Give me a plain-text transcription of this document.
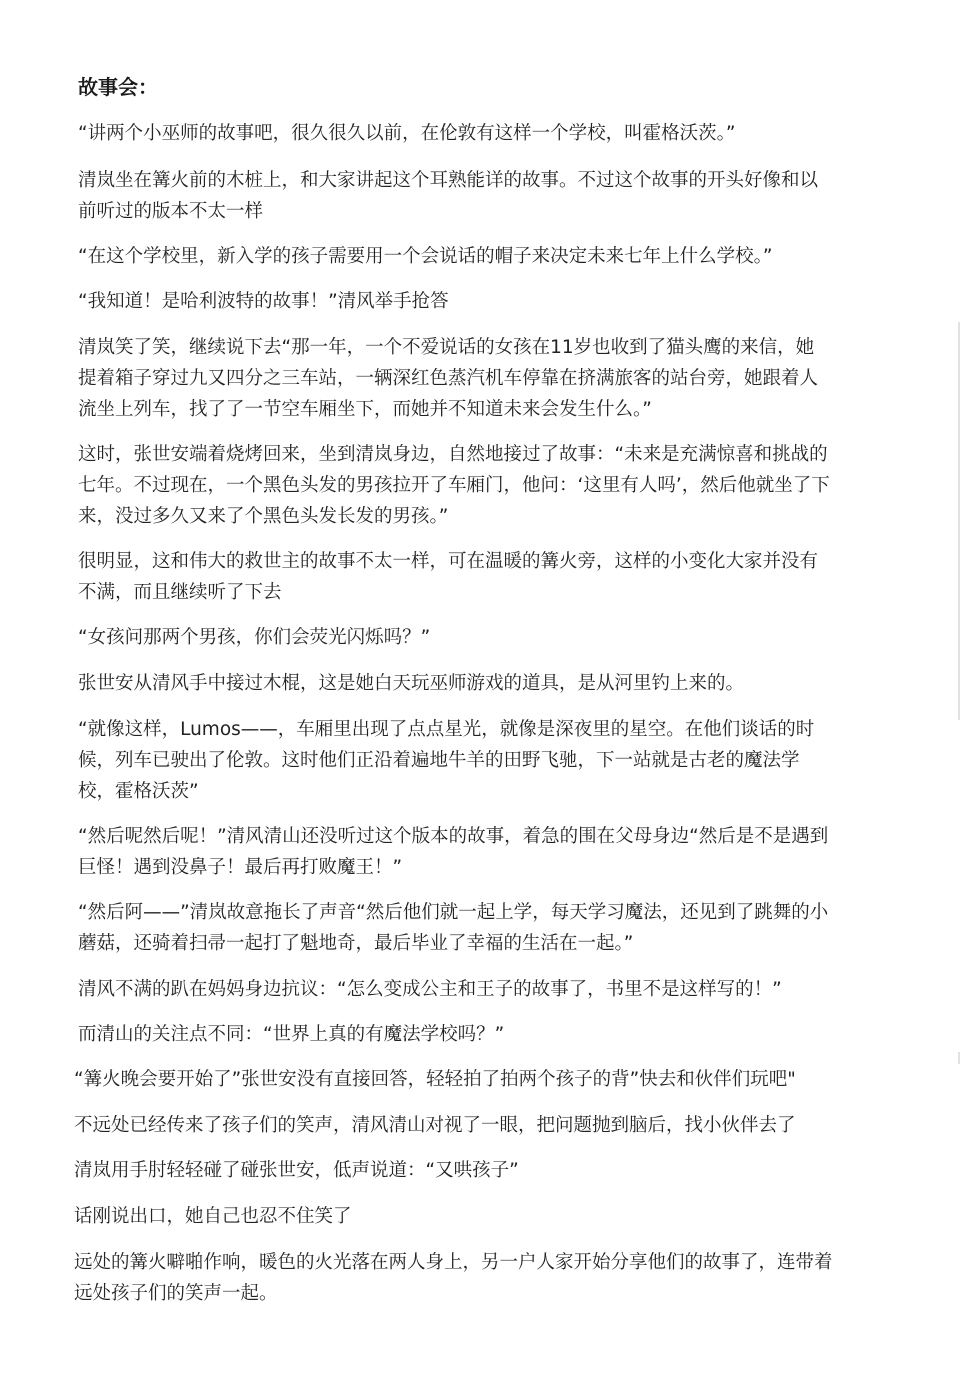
故事会：

“讲两个小巫师的故事吧，很久很久以前，在伦敦有这样一个学校，叫霍格沃茨。”

清岚坐在篝火前的木桩上，和大家讲起这个耳熟能详的故事。不过这个故事的开头好像和以前听过的版本不太一样

“在这个学校里，新入学的孩子需要用一个会说话的帽子来决定未来七年上什么学校。”

“我知道！是哈利波特的故事！”清风举手抢答

清岚笑了笑，继续说下去“那一年，一个不爱说话的女孩在11岁也收到了猫头鹰的来信，她提着箱子穿过九又四分之三车站，一辆深红色蒸汽机车停靠在挤满旅客的站台旁，她跟着人流坐上列车，找了了一节空车厢坐下，而她并不知道未来会发生什么。”

这时，张世安端着烧烤回来，坐到清岚身边，自然地接过了故事：“未来是充满惊喜和挑战的七年。不过现在，一个黑色头发的男孩拉开了车厢门，他问：‘这里有人吗’，然后他就坐了下来，没过多久又来了个黑色头发长发的男孩。”

很明显，这和伟大的救世主的故事不太一样，可在温暖的篝火旁，这样的小变化大家并没有不满，而且继续听了下去

“女孩问那两个男孩，你们会荧光闪烁吗？”

张世安从清风手中接过木棍，这是她白天玩巫师游戏的道具，是从河里钓上来的。

“就像这样，Lumos——，车厢里出现了点点星光，就像是深夜里的星空。在他们谈话的时候，列车已驶出了伦敦。这时他们正沿着遍地牛羊的田野飞驰，下一站就是古老的魔法学校，霍格沃茨”

“然后呢然后呢！”清风清山还没听过这个版本的故事，着急的围在父母身边“然后是不是遇到巨怪！遇到没鼻子！最后再打败魔王！”

“然后阿——”清岚故意拖长了声音“然后他们就一起上学，每天学习魔法，还见到了跳舞的小蘑菇，还骑着扫帚一起打了魁地奇，最后毕业了幸福的生活在一起。”

清风不满的趴在妈妈身边抗议：“怎么变成公主和王子的故事了，书里不是这样写的！”

而清山的关注点不同：“世界上真的有魔法学校吗？”

“篝火晚会要开始了”张世安没有直接回答，轻轻拍了拍两个孩子的背”快去和伙伴们玩吧"

不远处已经传来了孩子们的笑声，清风清山对视了一眼，把问题抛到脑后，找小伙伴去了

清岚用手肘轻轻碰了碰张世安，低声说道：“又哄孩子”

话刚说出口，她自己也忍不住笑了

远处的篝火噼啪作响，暖色的火光落在两人身上，另一户人家开始分享他们的故事了，连带着远处孩子们的笑声一起。
